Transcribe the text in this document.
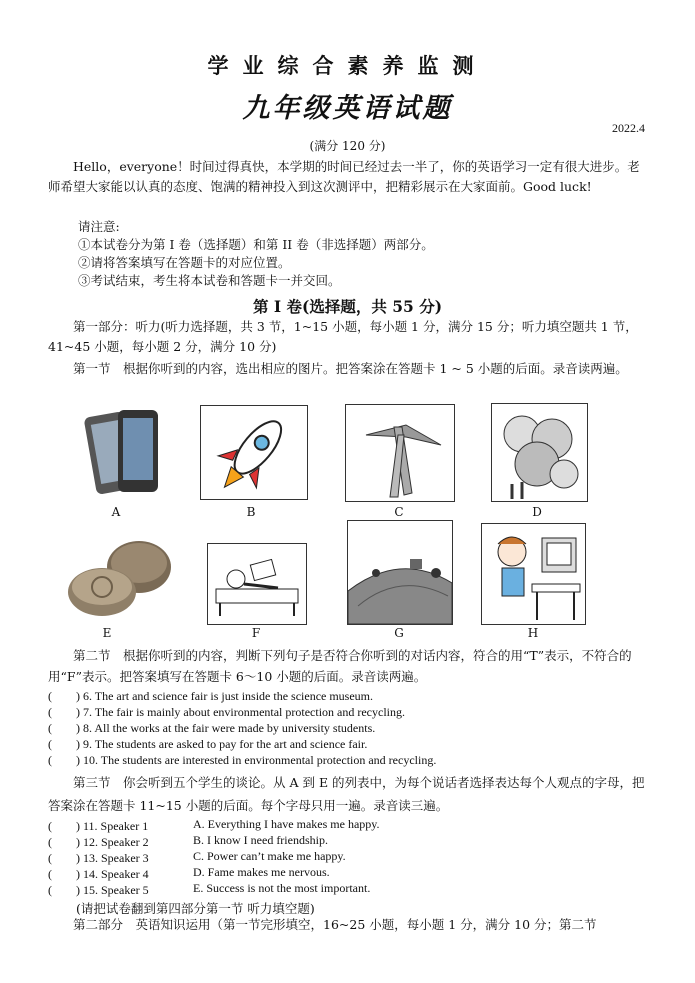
学业综合素养监测
九年级英语试题
2022.4
(满分 120 分)
Hello，everyone！时间过得真快，本学期的时间已经过去一半了，你的英语学习一定有很大进步。老师希望大家能以认真的态度、饱满的精神投入到这次测评中，把精彩展示在大家面前。Good luck!
请注意:
①本试卷分为第 I 卷（选择题）和第 II 卷（非选择题）两部分。
②请将答案填写在答题卡的对应位置。
③考试结束，考生将本试卷和答题卡一并交回。
第 I 卷(选择题，共 55 分)
第一部分：听力(听力选择题，共 3 节，1~15 小题，每小题 1 分，满分 15 分；听力填空题共 1 节，41~45 小题，每小题 2 分，满分 10 分)
第一节　根据你听到的内容，选出相应的图片。把答案涂在答题卡 1 ~ 5 小题的后面。录音读两遍。
A	B	C	D
E	F	G	H
第二节　根据你听到的内容，判断下列句子是否符合你听到的对话内容，符合的用“T”表示，不符合的用“F”表示。把答案填写在答题卡 6～10 小题的后面。录音读两遍。
(　　) 6. The art and science fair is just inside the science museum.
(　　) 7. The fair is mainly about environmental protection and recycling.
(　　) 8. All the works at the fair were made by university students.
(　　) 9. The students are asked to pay for the art and science fair.
(　　) 10. The students are interested in environmental protection and recycling.
第三节　你会听到五个学生的谈论。从 A 到 E 的列表中，为每个说话者选择表达每个人观点的字母，把答案涂在答题卡 11~15 小题的后面。每个字母只用一遍。录音读三遍。
(　　) 11. Speaker 1	A. Everything I have makes me happy.
(　　) 12. Speaker 2	B. I know I need friendship.
(　　) 13. Speaker 3	C. Power can’t make me happy.
(　　) 14. Speaker 4	D. Fame makes me nervous.
(　　) 15. Speaker 5	E. Success is not the most important.
(请把试卷翻到第四部分第一节 听力填空题)
第二部分　英语知识运用（第一节完形填空，16~25 小题，每小题 1 分，满分 10 分；第二节
